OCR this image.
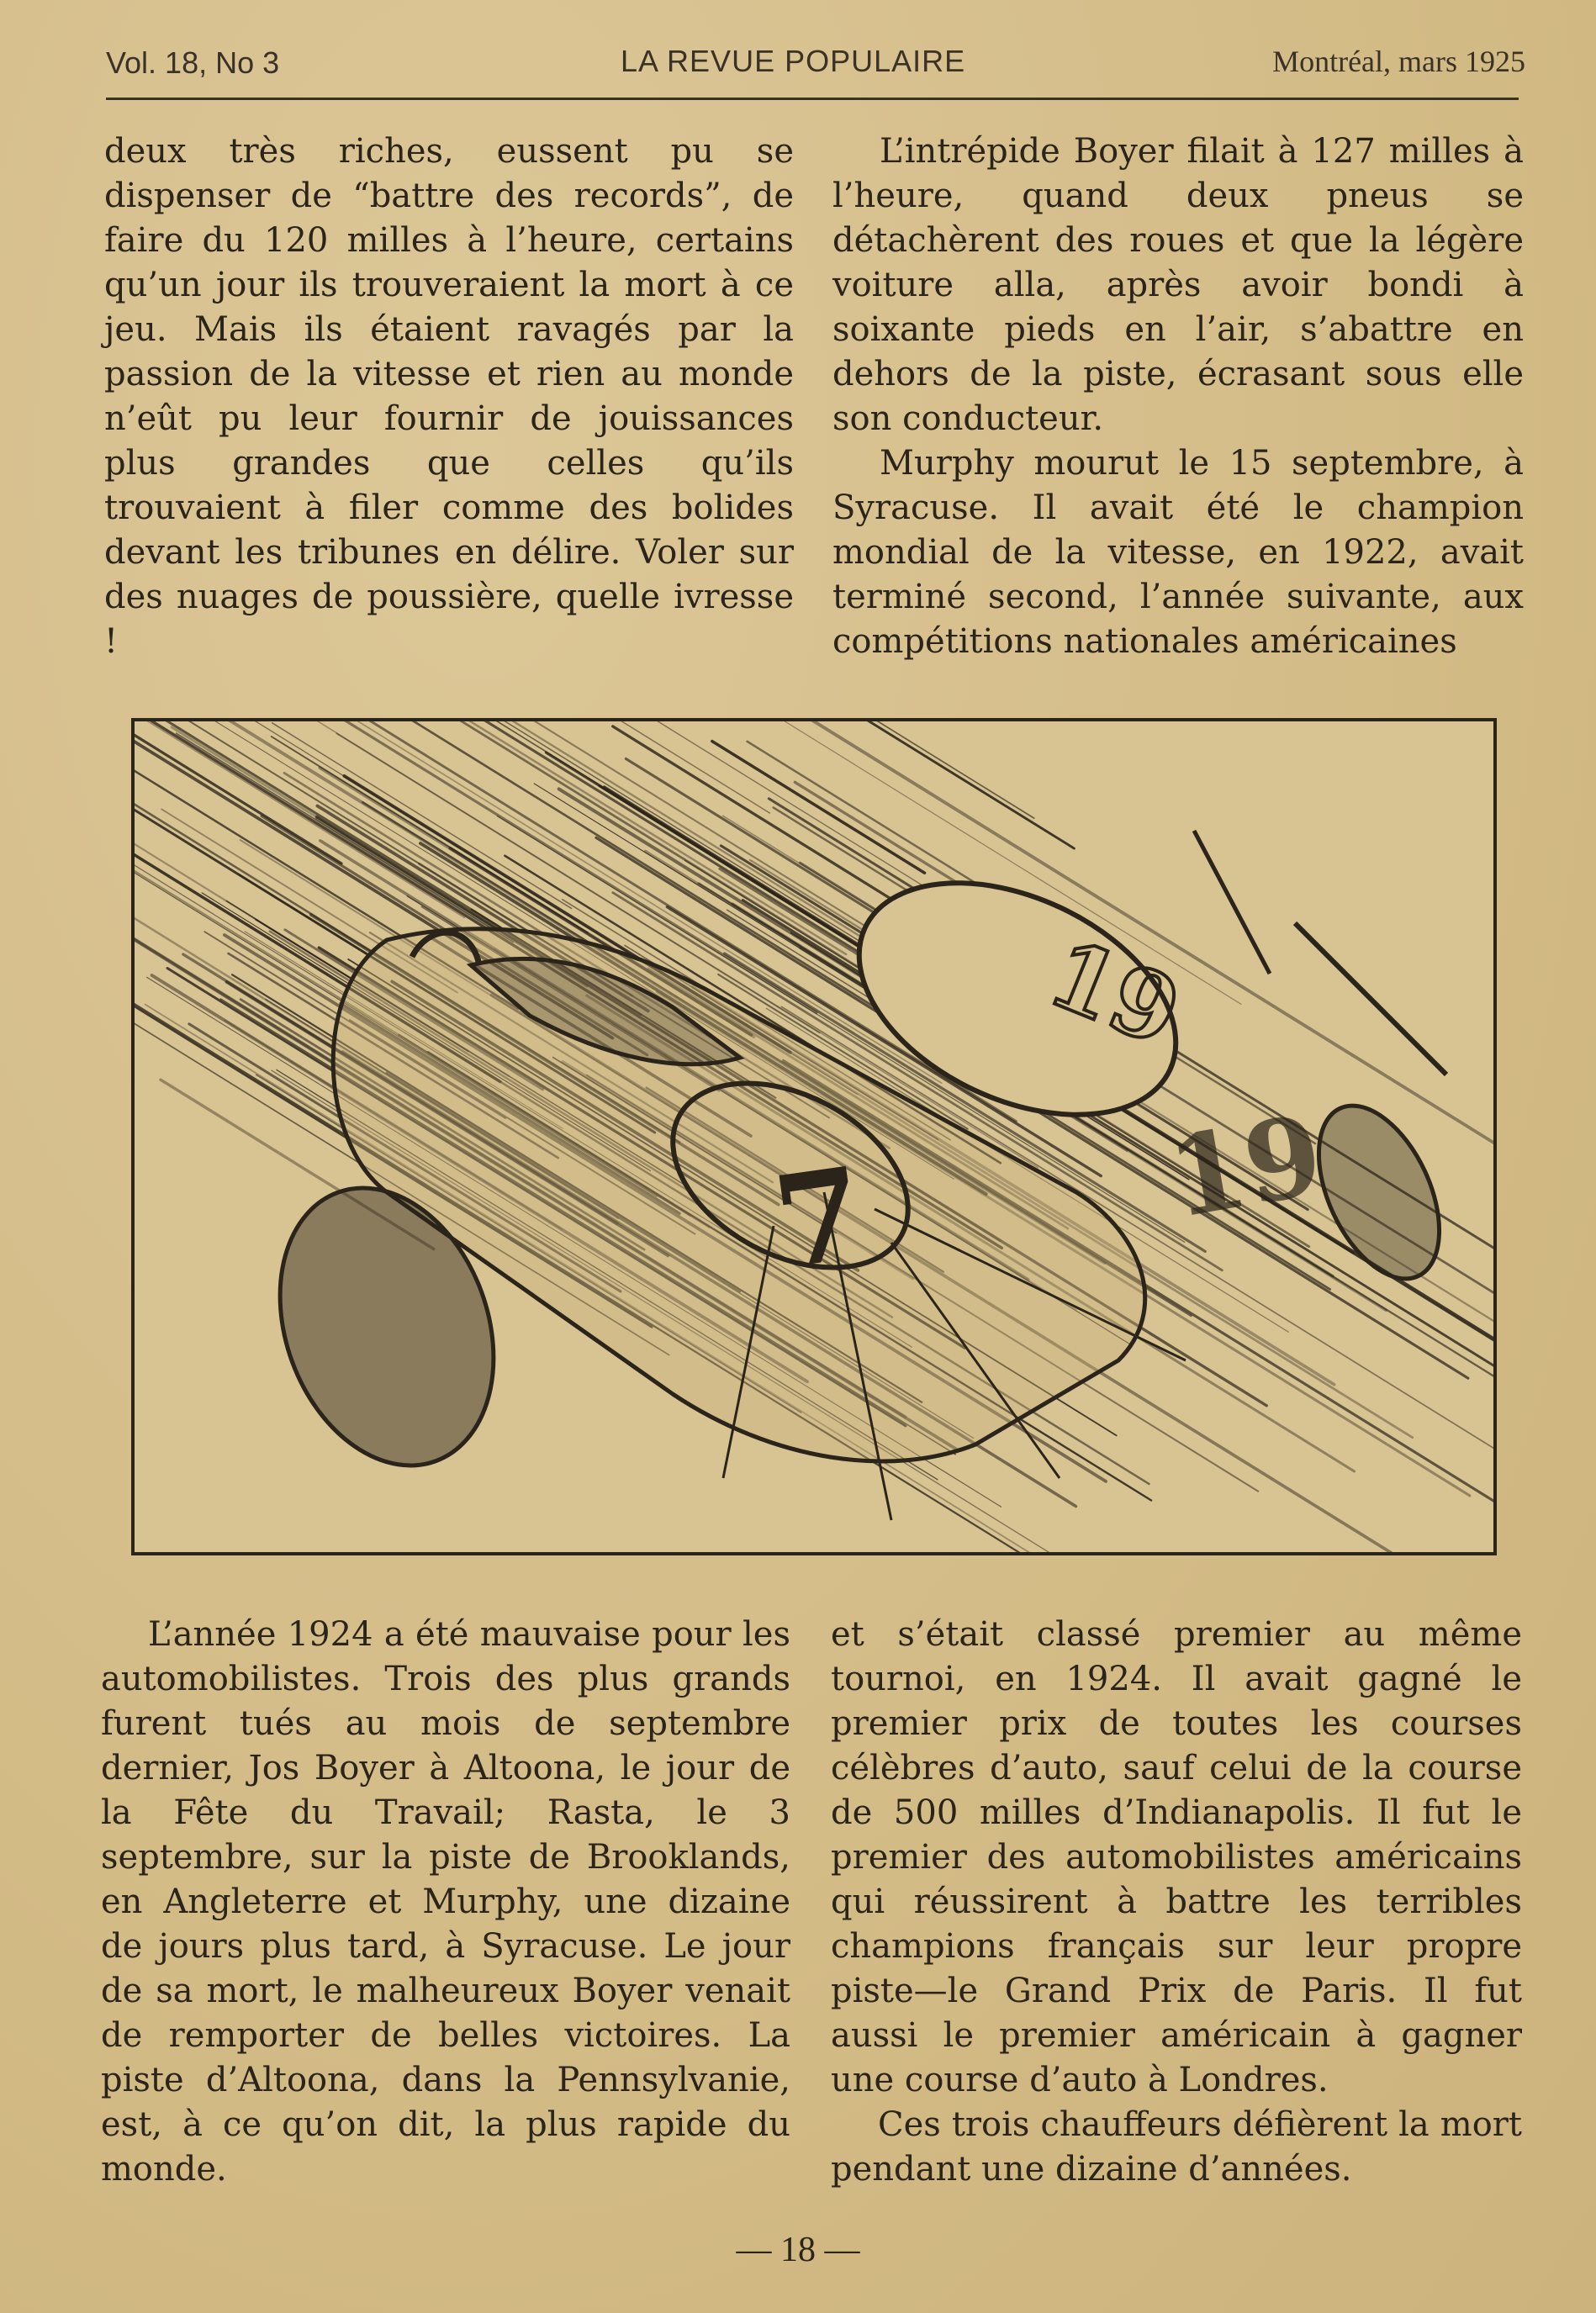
Vol. 18, No 3	LA REVUE POPULAIRE	Montréal, mars 1925

deux très riches, eussent pu se dispenser de “battre des records”, de faire du 120 milles à l’heure, certains qu’un jour ils trouveraient la mort à ce jeu. Mais ils étaient ravagés par la passion de la vitesse et rien au monde n’eût pu leur fournir de jouissances plus grandes que celles qu’ils trouvaient à filer comme des bolides devant les tribunes en délire. Voler sur des nuages de poussière, quelle ivresse !

L’intrépide Boyer filait à 127 milles à l’heure, quand deux pneus se détachèrent des roues et que la légère voiture alla, après avoir bondi à soixante pieds en l’air, s’abattre en dehors de la piste, écrasant sous elle son conducteur.

Murphy mourut le 15 septembre, à Syracuse. Il avait été le champion mondial de la vitesse, en 1922, avait terminé second, l’année suivante, aux compétitions nationales américaines

7
19
19

L’année 1924 a été mauvaise pour les automobilistes. Trois des plus grands furent tués au mois de septembre dernier, Jos Boyer à Altoona, le jour de la Fête du Travail; Rasta, le 3 septembre, sur la piste de Brooklands, en Angleterre et Murphy, une dizaine de jours plus tard, à Syracuse. Le jour de sa mort, le malheureux Boyer venait de remporter de belles victoires. La piste d’Altoona, dans la Pennsylvanie, est, à ce qu’on dit, la plus rapide du monde.

et s’était classé premier au même tournoi, en 1924. Il avait gagné le premier prix de toutes les courses célèbres d’auto, sauf celui de la course de 500 milles d’Indianapolis. Il fut le premier des automobilistes américains qui réussirent à battre les terribles champions français sur leur propre piste—le Grand Prix de Paris. Il fut aussi le premier américain à gagner une course d’auto à Londres.

Ces trois chauffeurs défièrent la mort pendant une dizaine d’années.

— 18 —
